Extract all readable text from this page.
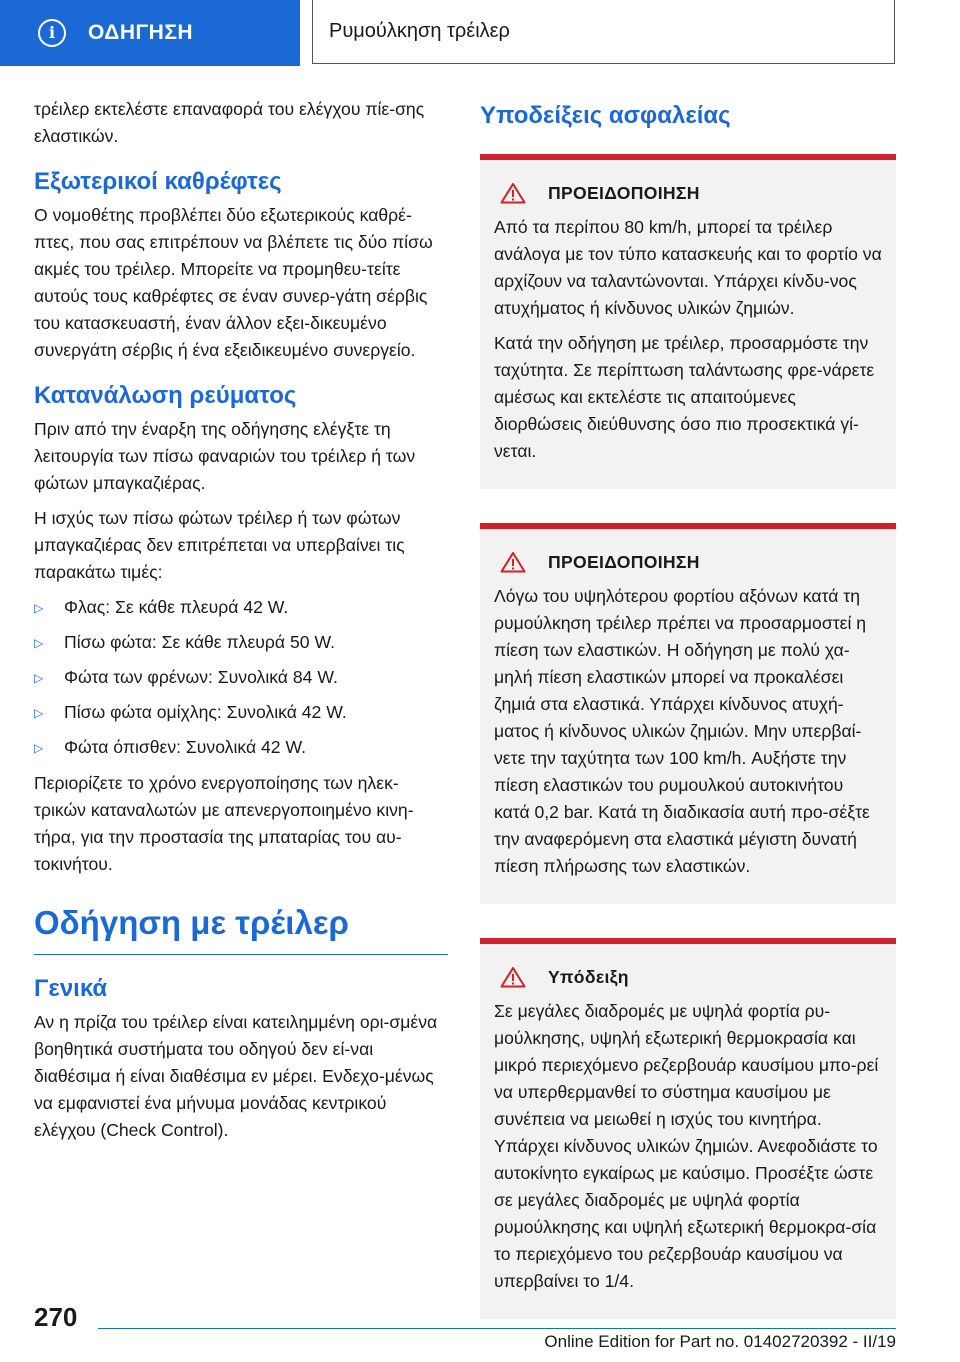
i	ΟΔΗΓΗΣΗ	Ρυμούλκηση τρέιλερ

τρέιλερ εκτελέστε επαναφορά του ελέγχου πίε-σης ελαστικών.

Εξωτερικοί καθρέφτες

Ο νομοθέτης προβλέπει δύο εξωτερικούς καθρέ-πτες, που σας επιτρέπουν να βλέπετε τις δύο πίσω ακμές του τρέιλερ. Μπορείτε να προμηθευ-τείτε αυτούς τους καθρέφτες σε έναν συνερ-γάτη σέρβις του κατασκευαστή, έναν άλλον εξει-δικευμένο συνεργάτη σέρβις ή ένα εξειδικευμένο συνεργείο.

Κατανάλωση ρεύματος

Πριν από την έναρξη της οδήγησης ελέγξτε τη λειτουργία των πίσω φαναριών του τρέιλερ ή των φώτων μπαγκαζιέρας.

Η ισχύς των πίσω φώτων τρέιλερ ή των φώτων μπαγκαζιέρας δεν επιτρέπεται να υπερβαίνει τις παρακάτω τιμές:

▷	Φλας: Σε κάθε πλευρά 42 W.
▷	Πίσω φώτα: Σε κάθε πλευρά 50 W.
▷	Φώτα των φρένων: Συνολικά 84 W.
▷	Πίσω φώτα ομίχλης: Συνολικά 42 W.
▷	Φώτα όπισθεν: Συνολικά 42 W.

Περιορίζετε το χρόνο ενεργοποίησης των ηλεκ-τρικών καταναλωτών με απενεργοποιημένο κινη-τήρα, για την προστασία της μπαταρίας του αυ-τοκινήτου.

Οδήγηση με τρέιλερ
Γενικά

Αν η πρίζα του τρέιλερ είναι κατειλημμένη ορι-σμένα βοηθητικά συστήματα του οδηγού δεν εί-ναι διαθέσιμα ή είναι διαθέσιμα εν μέρει. Ενδεχο-μένως να εμφανιστεί ένα μήνυμα μονάδας κεντρικού ελέγχου (Check Control).

Υποδείξεις ασφαλείας
ΠΡΟΕΙΔΟΠΟΙΗΣΗ

Από τα περίπου 80 km/h, μπορεί τα τρέιλερ ανάλογα με τον τύπο κατασκευής και το φορτίο να αρχίζουν να ταλαντώνονται. Υπάρχει κίνδυ-νος ατυχήματος ή κίνδυνος υλικών ζημιών.

Κατά την οδήγηση με τρέιλερ, προσαρμόστε την ταχύτητα. Σε περίπτωση ταλάντωσης φρε-νάρετε αμέσως και εκτελέστε τις απαιτούμενες διορθώσεις διεύθυνσης όσο πιο προσεκτικά γί-νεται.

ΠΡΟΕΙΔΟΠΟΙΗΣΗ

Λόγω του υψηλότερου φορτίου αξόνων κατά τη ρυμούλκηση τρέιλερ πρέπει να προσαρμοστεί η πίεση των ελαστικών. Η οδήγηση με πολύ χα-μηλή πίεση ελαστικών μπορεί να προκαλέσει ζημιά στα ελαστικά. Υπάρχει κίνδυνος ατυχή-ματος ή κίνδυνος υλικών ζημιών. Μην υπερβαί-νετε την ταχύτητα των 100 km/h. Αυξήστε την πίεση ελαστικών του ρυμουλκού αυτοκινήτου κατά 0,2 bar. Κατά τη διαδικασία αυτή προ-σέξτε την αναφερόμενη στα ελαστικά μέγιστη δυνατή πίεση πλήρωσης των ελαστικών.

Υπόδειξη

Σε μεγάλες διαδρομές με υψηλά φορτία ρυ-μούλκησης, υψηλή εξωτερική θερμοκρασία και μικρό περιεχόμενο ρεζερβουάρ καυσίμου μπο-ρεί να υπερθερμανθεί το σύστημα καυσίμου με συνέπεια να μειωθεί η ισχύς του κινητήρα. Υπάρχει κίνδυνος υλικών ζημιών. Ανεφοδιάστε το αυτοκίνητο εγκαίρως με καύσιμο. Προσέξτε ώστε σε μεγάλες διαδρομές με υψηλά φορτία ρυμούλκησης και υψηλή εξωτερική θερμοκρα-σία το περιεχόμενο του ρεζερβουάρ καυσίμου να υπερβαίνει το 1/4.

270
Online Edition for Part no. 01402720392 - II/19
